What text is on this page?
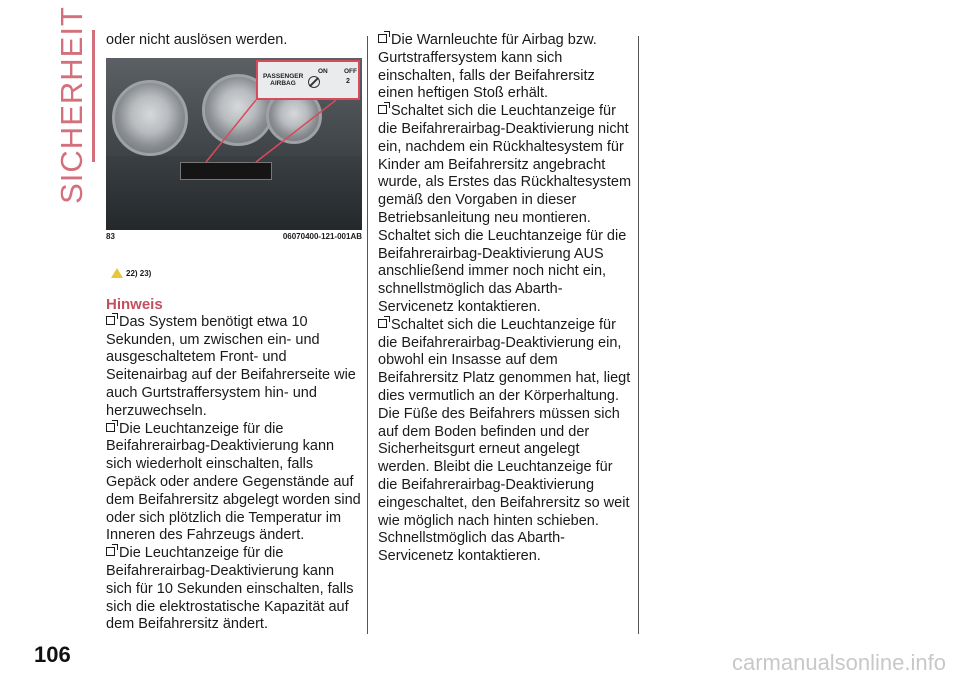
SICHERHEIT oder nicht auslösen werden.

PASSENGER AIRBAG
ON	OFF
2
83	06070400-121-001AB
22) 23)

Hinweis

Das System benötigt etwa 10 Sekunden, um zwischen ein- und ausgeschaltetem Front- und Seitenairbag auf der Beifahrerseite wie auch Gurtstraffersystem hin- und herzuwechseln.

Die Leuchtanzeige für die Beifahrerairbag-Deaktivierung kann sich wiederholt einschalten, falls Gepäck oder andere Gegenstände auf dem Beifahrersitz abgelegt worden sind oder sich plötzlich die Temperatur im Inneren des Fahrzeugs ändert.

Die Leuchtanzeige für die Beifahrerairbag-Deaktivierung kann sich für 10 Sekunden einschalten, falls sich die elektrostatische Kapazität auf dem Beifahrersitz ändert.

Die Warnleuchte für Airbag bzw. Gurtstraffersystem kann sich einschalten, falls der Beifahrersitz einen heftigen Stoß erhält.

Schaltet sich die Leuchtanzeige für die Beifahrerairbag-Deaktivierung nicht ein, nachdem ein Rückhaltesystem für Kinder am Beifahrersitz angebracht wurde, als Erstes das Rückhaltesystem gemäß den Vorgaben in dieser Betriebsanleitung neu montieren. Schaltet sich die Leuchtanzeige für die Beifahrerairbag-Deaktivierung AUS anschließend immer noch nicht ein, schnellstmöglich das Abarth-Servicenetz kontaktieren.

Schaltet sich die Leuchtanzeige für die Beifahrerairbag-Deaktivierung ein, obwohl ein Insasse auf dem Beifahrersitz Platz genommen hat, liegt dies vermutlich an der Körperhaltung. Die Füße des Beifahrers müssen sich auf dem Boden befinden und der Sicherheitsgurt erneut angelegt werden. Bleibt die Leuchtanzeige für die Beifahrerairbag-Deaktivierung eingeschaltet, den Beifahrersitz so weit wie möglich nach hinten schieben. Schnellstmöglich das Abarth-Servicenetz kontaktieren.

106	carmanualsonline.info
